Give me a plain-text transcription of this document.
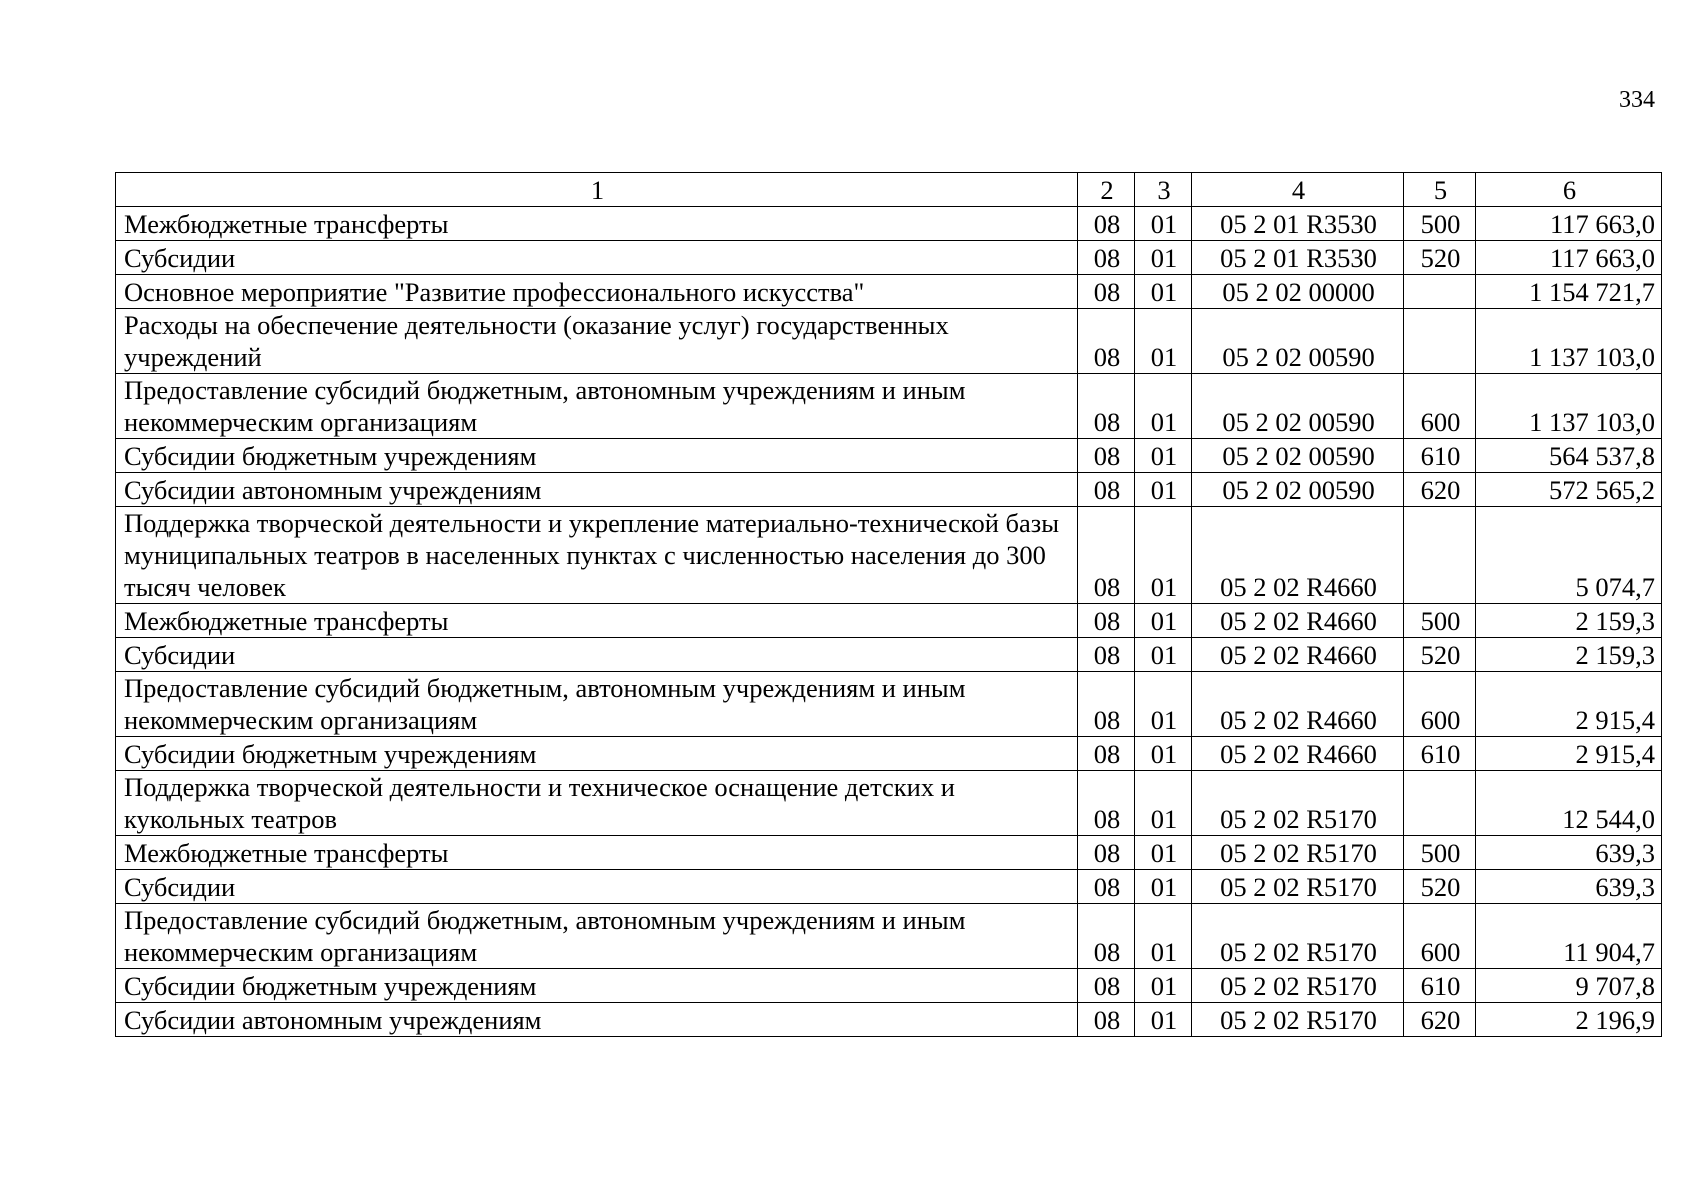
334
1	2	3	4	5	6
Межбюджетные трансферты	08	01	05 2 01 R3530	500	117 663,0
Субсидии	08	01	05 2 01 R3530	520	117 663,0
Основное мероприятие "Развитие профессионального искусства"	08	01	05 2 02 00000		1 154 721,7
Расходы на обеспечение деятельности (оказание услуг) государственных учреждений	08	01	05 2 02 00590		1 137 103,0
Предоставление субсидий бюджетным, автономным учреждениям и иным некоммерческим организациям	08	01	05 2 02 00590	600	1 137 103,0
Субсидии бюджетным учреждениям	08	01	05 2 02 00590	610	564 537,8
Субсидии автономным учреждениям	08	01	05 2 02 00590	620	572 565,2
Поддержка творческой деятельности и укрепление материально-технической базы муниципальных театров в населенных пунктах с численностью населения до 300 тысяч человек	08	01	05 2 02 R4660		5 074,7
Межбюджетные трансферты	08	01	05 2 02 R4660	500	2 159,3
Субсидии	08	01	05 2 02 R4660	520	2 159,3
Предоставление субсидий бюджетным, автономным учреждениям и иным некоммерческим организациям	08	01	05 2 02 R4660	600	2 915,4
Субсидии бюджетным учреждениям	08	01	05 2 02 R4660	610	2 915,4
Поддержка творческой деятельности и техническое оснащение детских и кукольных театров	08	01	05 2 02 R5170		12 544,0
Межбюджетные трансферты	08	01	05 2 02 R5170	500	639,3
Субсидии	08	01	05 2 02 R5170	520	639,3
Предоставление субсидий бюджетным, автономным учреждениям и иным некоммерческим организациям	08	01	05 2 02 R5170	600	11 904,7
Субсидии бюджетным учреждениям	08	01	05 2 02 R5170	610	9 707,8
Субсидии автономным учреждениям	08	01	05 2 02 R5170	620	2 196,9
